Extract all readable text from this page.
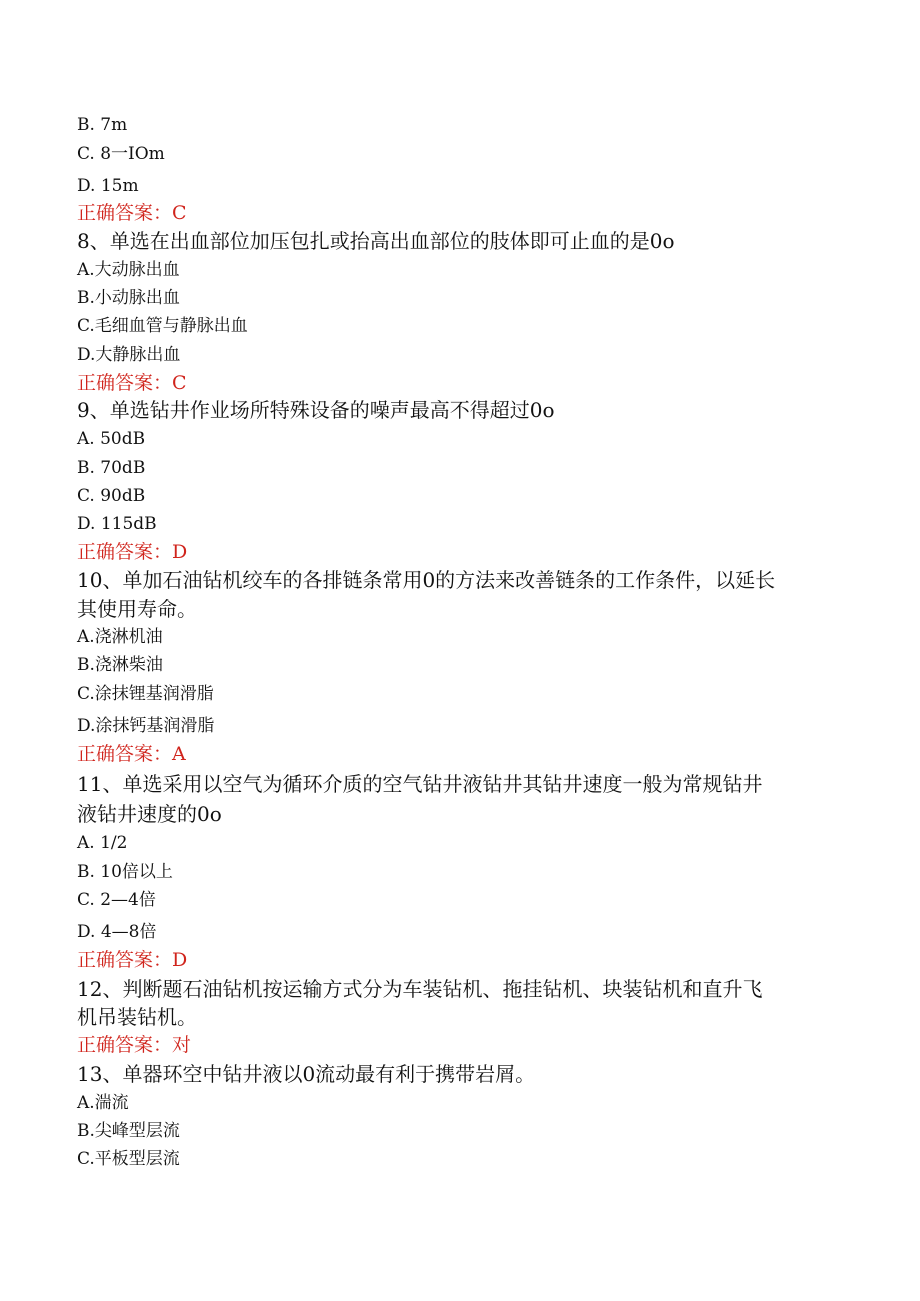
B. 7m
C. 8一IOm
D. 15m
正确答案：C
8、单选在出血部位加压包扎或抬高出血部位的肢体即可止血的是0o
A.大动脉出血
B.小动脉出血
C.毛细血管与静脉出血
D.大静脉出血
正确答案：C
9、单选钻井作业场所特殊设备的噪声最高不得超过0o
A. 50dB
B. 70dB
C. 90dB
D. 115dB
正确答案：D
10、单加石油钻机绞车的各排链条常用0的方法来改善链条的工作条件，以延长
其使用寿命。
A.浇淋机油
B.浇淋柴油
C.涂抹锂基润滑脂
D.涂抹钙基润滑脂
正确答案：A
11、单选采用以空气为循环介质的空气钻井液钻井其钻井速度一般为常规钻井
液钻井速度的0o
A. 1/2
B. 10倍以上
C. 2—4倍
D. 4—8倍
正确答案：D
12、判断题石油钻机按运输方式分为车装钻机、拖挂钻机、块装钻机和直升飞
机吊装钻机。
正确答案：对
13、单器环空中钻井液以0流动最有利于携带岩屑。
A.湍流
B.尖峰型层流
C.平板型层流
